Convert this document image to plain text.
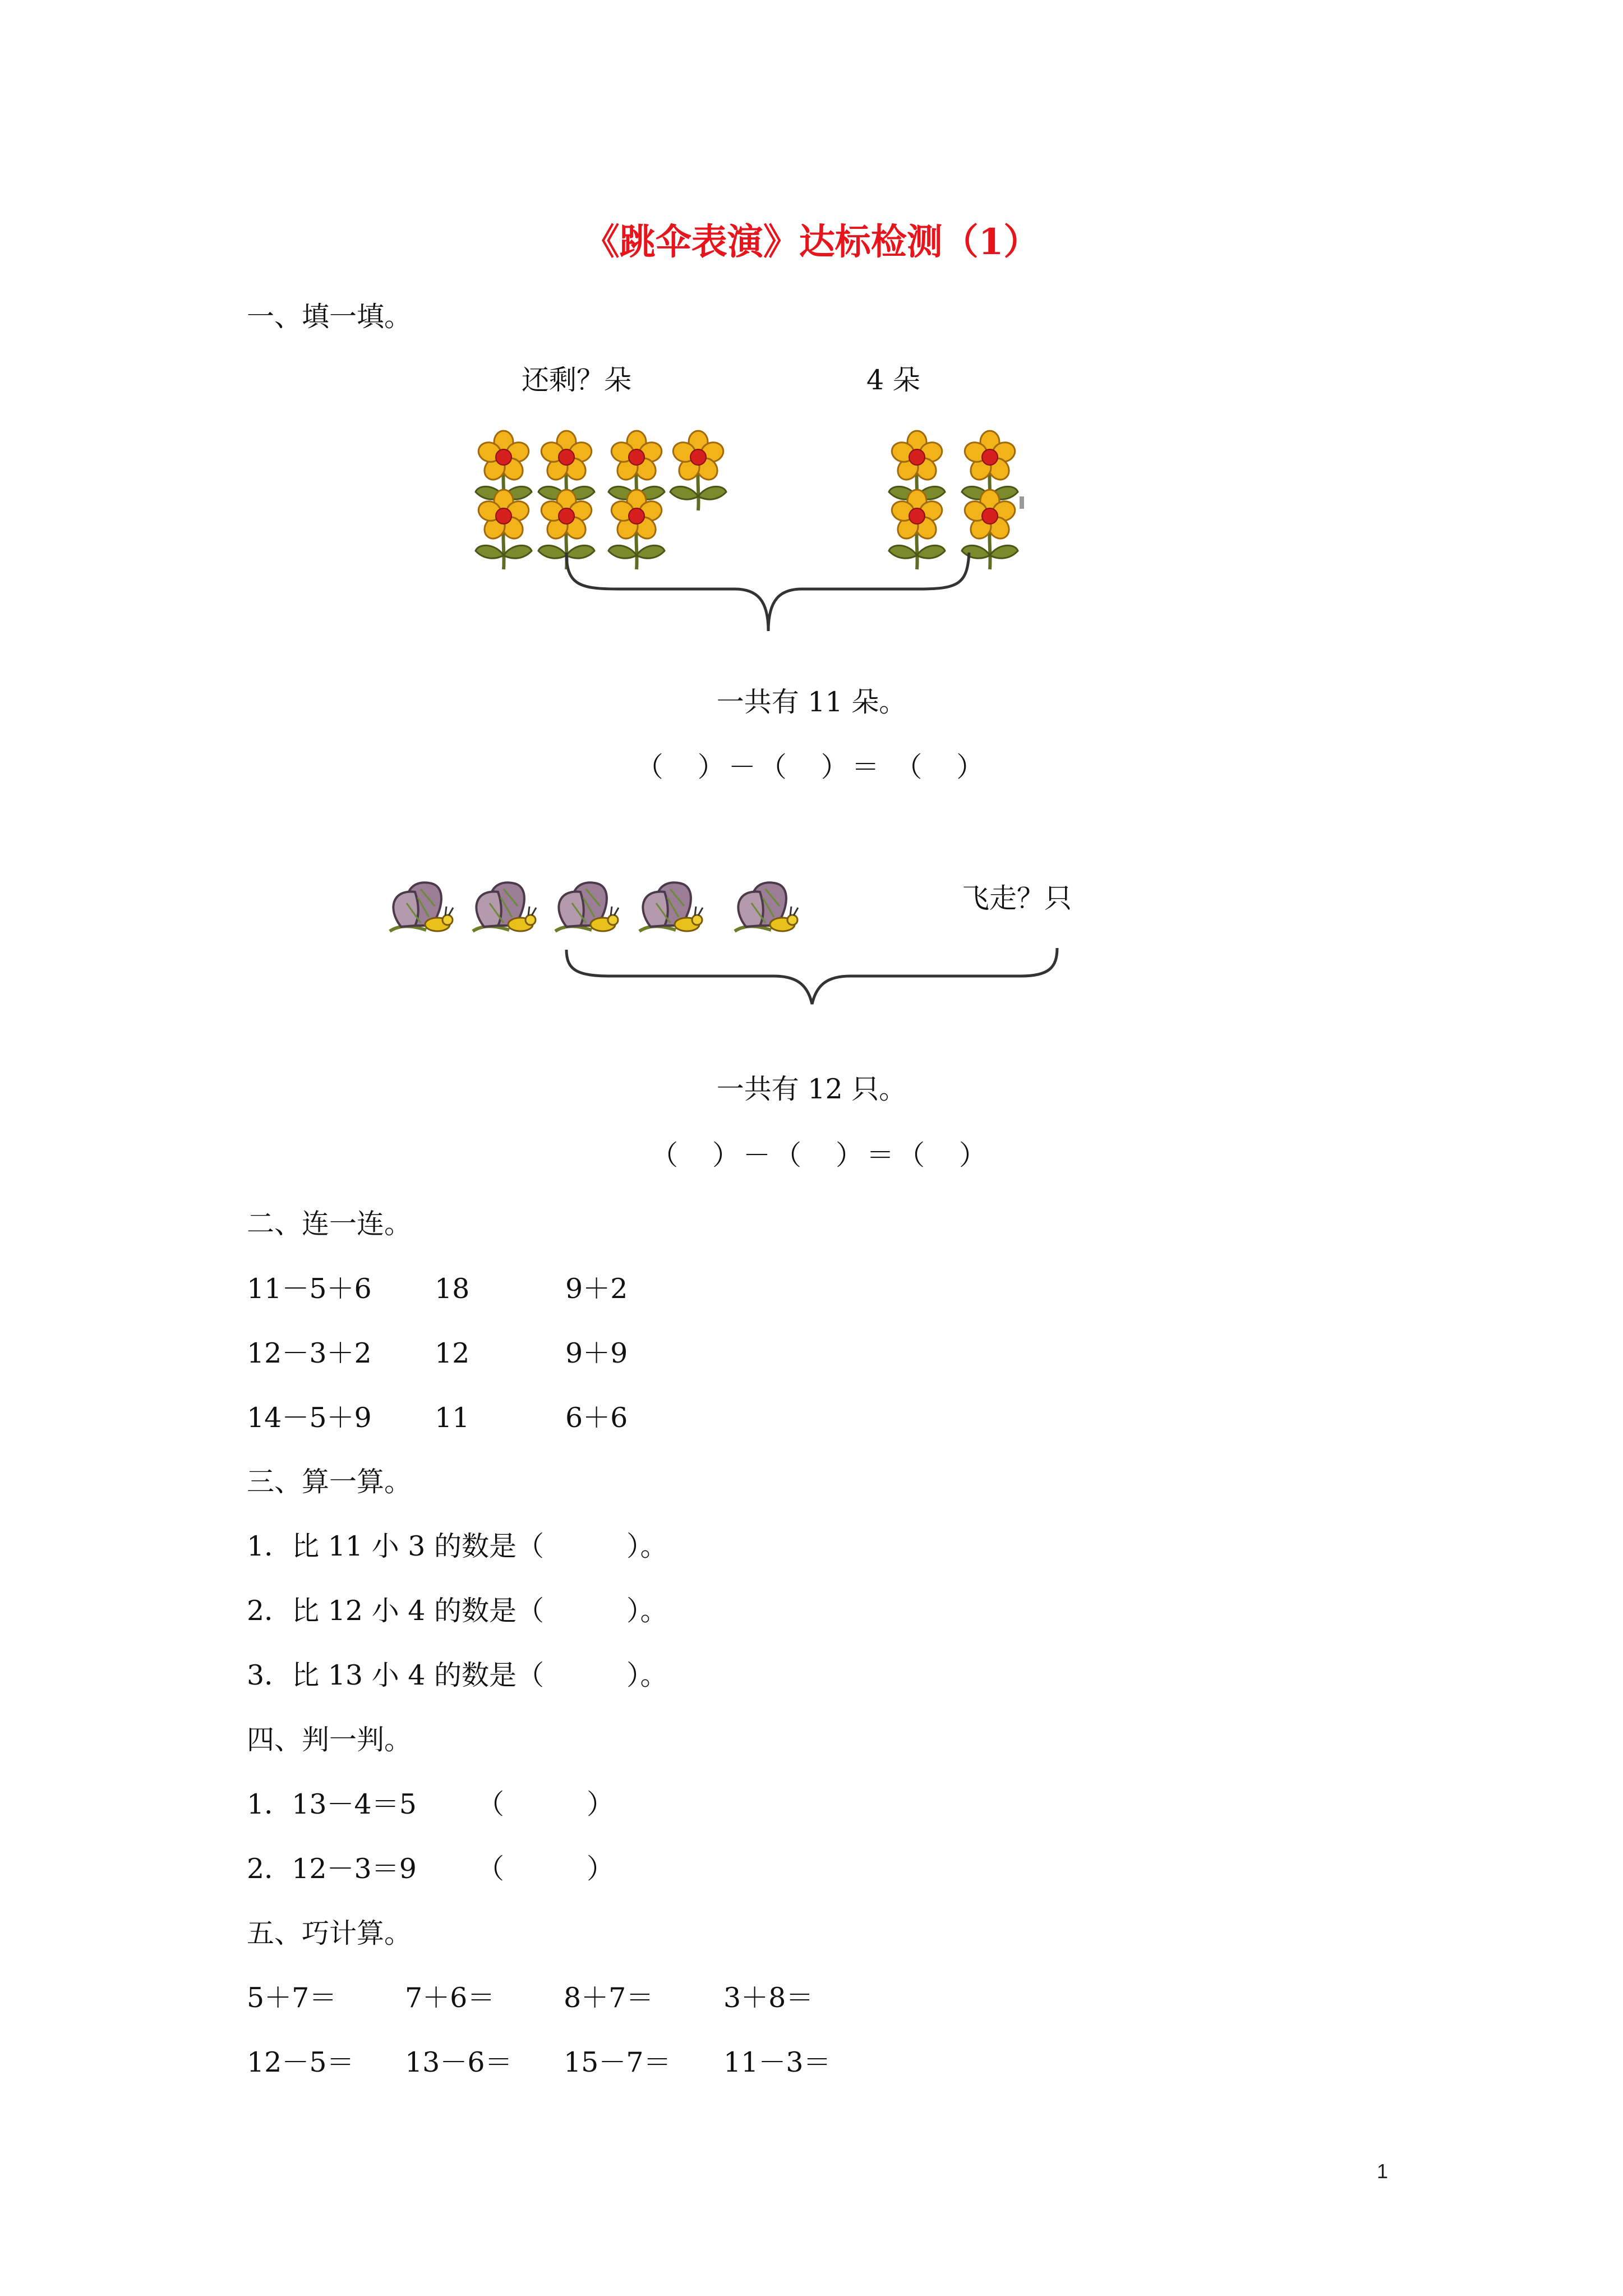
《跳伞表演》达标检测（1）
一、填一填。
还剩？朵	4 朵
一共有 11 朵。
（　）－（　）＝ （　）
飞走？只
一共有 12 只。
（　）－（　）＝（　）
二、连一连。
11－5＋6 18	9＋2
12－3＋2 12	9＋9
14－5＋9 11	6＋6
三、算一算。
1．比 11 小 3 的数是（　　　）。
2．比 12 小 4 的数是（　　　）。
3．比 13 小 4 的数是（　　　）。
四、判一判。
1．13－4＝5 （　　　）
2．12－3＝9 （　　　）
五、巧计算。
5＋7＝ 7＋6＝	8＋7＝	3＋8＝
12－5＝ 13－6＝ 15－7＝ 11－3＝
1
